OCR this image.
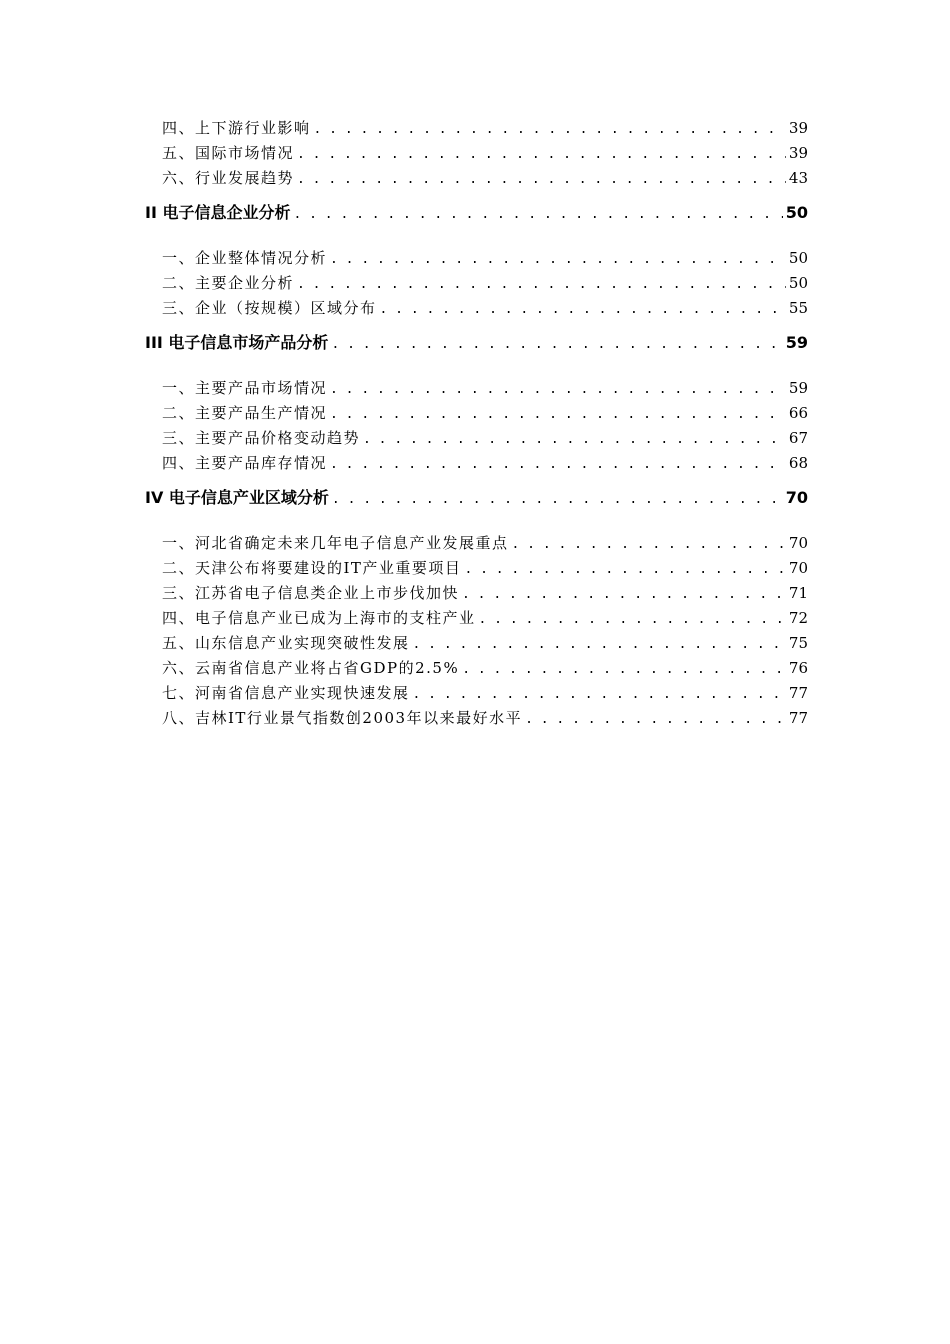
四、上下游行业影响 . . .	39
五、国际市场情况 . . .	39
六、行业发展趋势 . . .	43
II 电子信息企业分析 . . .	50
一、企业整体情况分析 . . .	50
二、主要企业分析 . . .	50
三、企业（按规模）区域分布 . . .	55
III 电子信息市场产品分析 . . .	59
一、主要产品市场情况 . . .	59
二、主要产品生产情况 . . .	66
三、主要产品价格变动趋势 . . .	67
四、主要产品库存情况 . . .	68
IV 电子信息产业区域分析 . . .	70
一、河北省确定未来几年电子信息产业发展重点 . . .	70
二、天津公布将要建设的IT产业重要项目 . . .	70
三、江苏省电子信息类企业上市步伐加快 . . .	71
四、电子信息产业已成为上海市的支柱产业 . . .	72
五、山东信息产业实现突破性发展 . . .	75
六、云南省信息产业将占省GDP的2.5% . . .	76
七、河南省信息产业实现快速发展 . . .	77
八、吉林IT行业景气指数创2003年以来最好水平 . . .	77
